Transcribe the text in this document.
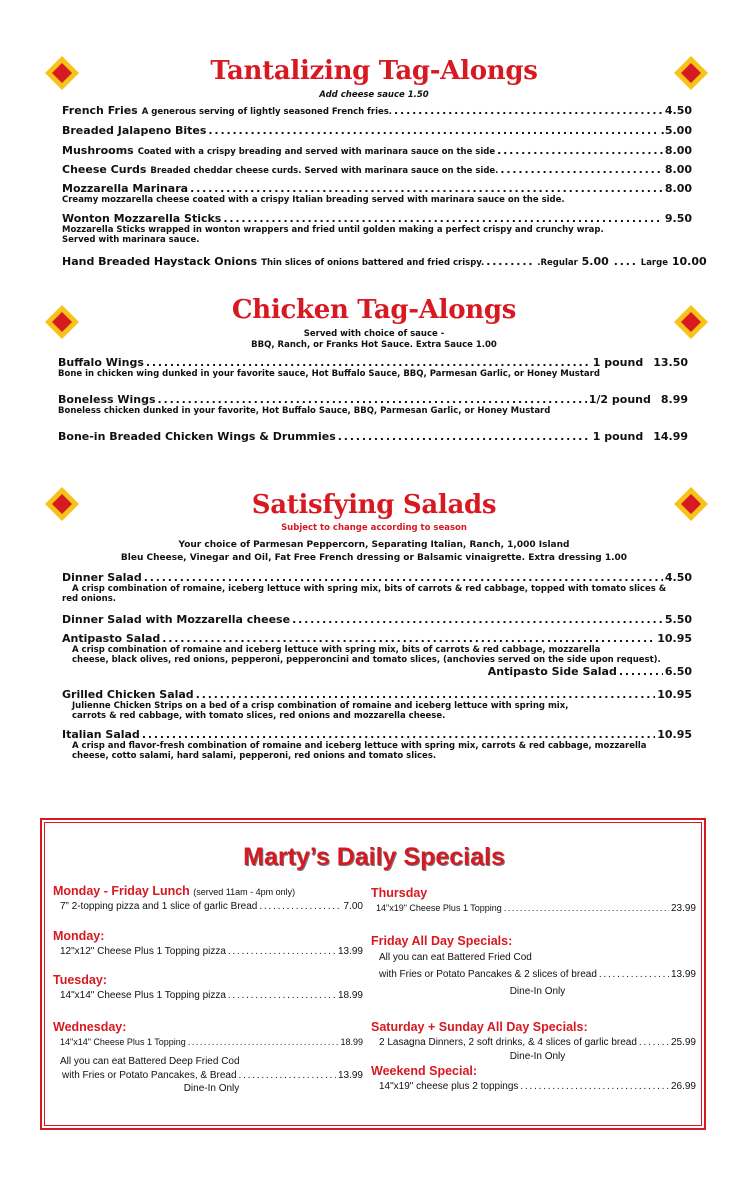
Tantalizing Tag-Alongs
Add cheese sauce 1.50
French Fries A generous serving of lightly seasoned French fries. . . .	4.50
Breaded Jalapeno Bites . . .	.5.00
Mushrooms Coated with a crispy breading and served with marinara sauce on the side . . .	8.00
Cheese Curds Breaded cheddar cheese curds. Served with marinara sauce on the side. . . .	8.00
Mozzarella Marinara . . .	8.00
Creamy mozzarella cheese coated with a crispy Italian breading served with marinara sauce on the side.
Wonton Mozzarella Sticks . . .	9.50
Mozzarella Sticks wrapped in wonton wrappers and fried until golden making a perfect crispy and crunchy wrap.
Served with marinara sauce.
Hand Breaded Haystack Onions Thin slices of onions battered and fried crispy. . . .	.Regular 5.00 . . .	Large 10.00
Chicken Tag-Alongs
Served with choice of sauce -
BBQ, Ranch, or Franks Hot Sauce. Extra Sauce 1.00
Buffalo Wings . . .	1 pound 13.50
Bone in chicken wing dunked in your favorite sauce, Hot Buffalo Sauce, BBQ, Parmesan Garlic, or Honey Mustard
Boneless Wings . . .	1/2 pound 8.99
Boneless chicken dunked in your favorite, Hot Buffalo Sauce, BBQ, Parmesan Garlic, or Honey Mustard
Bone-in Breaded Chicken Wings & Drummies . . .	1 pound 14.99
Satisfying Salads
Subject to change according to season
Your choice of Parmesan Peppercorn, Separating Italian, Ranch, 1,000 Island
Bleu Cheese, Vinegar and Oil, Fat Free French dressing or Balsamic vinaigrette. Extra dressing 1.00
Dinner Salad . . .	4.50
A crisp combination of romaine, iceberg lettuce with spring mix, bits of carrots & red cabbage, topped with tomato slices &
red onions.
Dinner Salad with Mozzarella cheese . . .	5.50
Antipasto Salad . . .	10.95
A crisp combination of romaine and iceberg lettuce with spring mix, bits of carrots & red cabbage, mozzarella
cheese, black olives, red onions, pepperoni, pepperoncini and tomato slices, (anchovies served on the side upon request).
Antipasto Side Salad . . .	6.50
Grilled Chicken Salad . . .	10.95
Julienne Chicken Strips on a bed of a crisp combination of romaine and iceberg lettuce with spring mix,
carrots & red cabbage, with tomato slices, red onions and mozzarella cheese.
Italian Salad . . .	10.95
A crisp and flavor-fresh combination of romaine and iceberg lettuce with spring mix, carrots & red cabbage, mozzarella
cheese, cotto salami, hard salami, pepperoni, red onions and tomato slices.
Marty’s Daily Specials
Monday - Friday Lunch (served 11am - 4pm only)
7” 2-topping pizza and 1 slice of garlic Bread . . .	7.00
Monday:
12"x12" Cheese Plus 1 Topping pizza . . .	13.99
Tuesday:
14"x14" Cheese Plus 1 Topping pizza . . .	18.99
Wednesday:
14"x14" Cheese Plus 1 Topping . . .	18.99
All you can eat Battered Deep Fried Cod
with Fries or Potato Pancakes, & Bread . . .	13.99
Dine-In Only
Thursday
14"x19" Cheese Plus 1 Topping . . .	23.99
Friday All Day Specials:
All you can eat Battered Fried Cod
with Fries or Potato Pancakes & 2 slices of bread . . .	13.99
Dine-In Only
Saturday + Sunday All Day Specials:
2 Lasagna Dinners, 2 soft drinks, & 4 slices of garlic bread . . .	25.99
Dine-In Only
Weekend Special:
14"x19" cheese plus 2 toppings . . .	26.99
